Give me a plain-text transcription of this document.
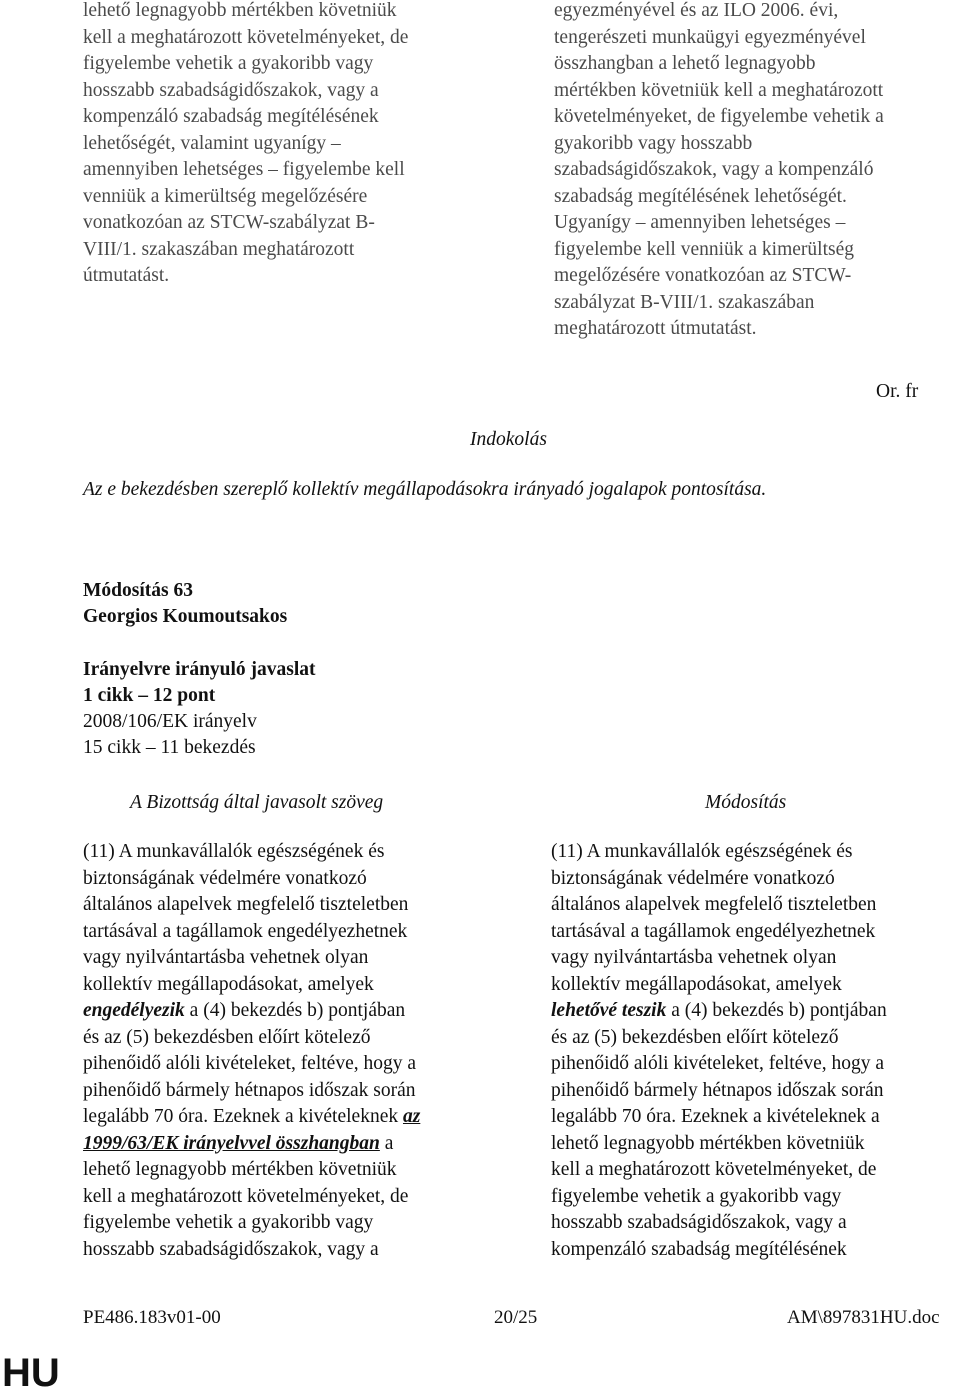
lehető legnagyobb mértékben követniük
kell a meghatározott követelményeket, de
figyelembe vehetik a gyakoribb vagy
hosszabb szabadságidőszakok, vagy a
kompenzáló szabadság megítélésének
lehetőségét, valamint ugyanígy –
amennyiben lehetséges – figyelembe kell
venniük a kimerültség megelőzésére
vonatkozóan az STCW-szabályzat B-
VIII/1. szakaszában meghatározott
útmutatást.
egyezményével és az ILO 2006. évi,
tengerészeti munkaügyi egyezményével
összhangban a lehető legnagyobb
mértékben követniük kell a meghatározott
követelményeket, de figyelembe vehetik a
gyakoribb vagy hosszabb
szabadságidőszakok, vagy a kompenzáló
szabadság megítélésének lehetőségét.
Ugyanígy – amennyiben lehetséges –
figyelembe kell venniük a kimerültség
megelőzésére vonatkozóan az STCW-
szabályzat B-VIII/1. szakaszában
meghatározott útmutatást.
Or. fr
Indokolás
Az e bekezdésben szereplő kollektív megállapodásokra irányadó jogalapok pontosítása.
Módosítás 63
Georgios Koumoutsakos
Irányelvre irányuló javaslat
1 cikk – 12 pont
2008/106/EK irányelv
15 cikk – 11 bekezdés
A Bizottság által javasolt szöveg	Módosítás
(11) A munkavállalók egészségének és
biztonságának védelmére vonatkozó
általános alapelvek megfelelő tiszteletben
tartásával a tagállamok engedélyezhetnek
vagy nyilvántartásba vehetnek olyan
kollektív megállapodásokat, amelyek
engedélyezik a (4) bekezdés b) pontjában
és az (5) bekezdésben előírt kötelező
pihenőidő alóli kivételeket, feltéve, hogy a
pihenőidő bármely hétnapos időszak során
legalább 70 óra. Ezeknek a kivételeknek az
1999/63/EK irányelvvel összhangban a
lehető legnagyobb mértékben követniük
kell a meghatározott követelményeket, de
figyelembe vehetik a gyakoribb vagy
hosszabb szabadságidőszakok, vagy a
(11) A munkavállalók egészségének és
biztonságának védelmére vonatkozó
általános alapelvek megfelelő tiszteletben
tartásával a tagállamok engedélyezhetnek
vagy nyilvántartásba vehetnek olyan
kollektív megállapodásokat, amelyek
lehetővé teszik a (4) bekezdés b) pontjában
és az (5) bekezdésben előírt kötelező
pihenőidő alóli kivételeket, feltéve, hogy a
pihenőidő bármely hétnapos időszak során
legalább 70 óra. Ezeknek a kivételeknek a
lehető legnagyobb mértékben követniük
kell a meghatározott követelményeket, de
figyelembe vehetik a gyakoribb vagy
hosszabb szabadságidőszakok, vagy a
kompenzáló szabadság megítélésének
PE486.183v01-00	20/25	AM\897831HU.doc
HU
